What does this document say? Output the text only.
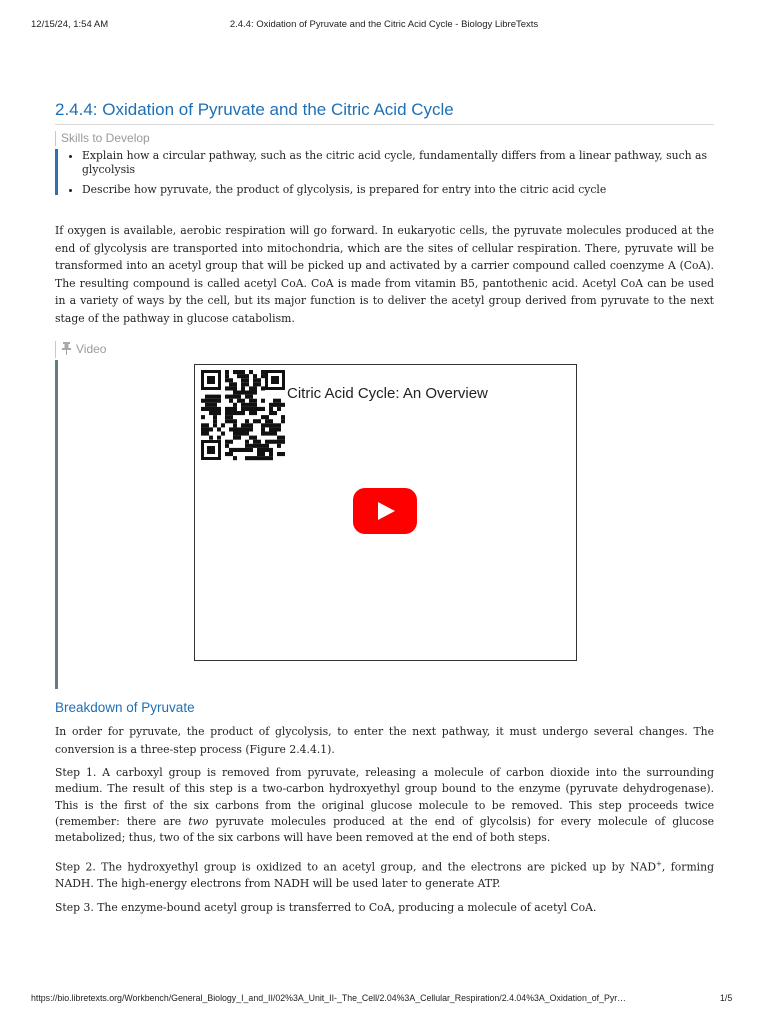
12/15/24, 1:54 AM	2.4.4: Oxidation of Pyruvate and the Citric Acid Cycle - Biology LibreTexts
2.4.4: Oxidation of Pyruvate and the Citric Acid Cycle
Skills to Develop
• Explain how a circular pathway, such as the citric acid cycle, fundamentally differs from a linear pathway, such as glycolysis
• Describe how pyruvate, the product of glycolysis, is prepared for entry into the citric acid cycle

If oxygen is available, aerobic respiration will go forward. In eukaryotic cells, the pyruvate molecules produced at the end of glycolysis are transported into mitochondria, which are the sites of cellular respiration. There, pyruvate will be transformed into an acetyl group that will be picked up and activated by a carrier compound called coenzyme A (CoA). The resulting compound is called acetyl CoA. CoA is made from vitamin B5, pantothenic acid. Acetyl CoA can be used in a variety of ways by the cell, but its major function is to deliver the acetyl group derived from pyruvate to the next stage of the pathway in glucose catabolism.

Video
Citric Acid Cycle: An Overview
Breakdown of Pyruvate

In order for pyruvate, the product of glycolysis, to enter the next pathway, it must undergo several changes. The conversion is a three-step process (Figure 2.4.4.1).

Step 1. A carboxyl group is removed from pyruvate, releasing a molecule of carbon dioxide into the surrounding medium. The result of this step is a two-carbon hydroxyethyl group bound to the enzyme (pyruvate dehydrogenase). This is the first of the six carbons from the original glucose molecule to be removed. This step proceeds twice (remember: there are two pyruvate molecules produced at the end of glycolsis) for every molecule of glucose metabolized; thus, two of the six carbons will have been removed at the end of both steps.

Step 2. The hydroxyethyl group is oxidized to an acetyl group, and the electrons are picked up by NAD+, forming NADH. The high-energy electrons from NADH will be used later to generate ATP.

Step 3. The enzyme-bound acetyl group is transferred to CoA, producing a molecule of acetyl CoA.

https://bio.libretexts.org/Workbench/General_Biology_I_and_II/02%3A_Unit_II-_The_Cell/2.04%3A_Cellular_Respiration/2.4.04%3A_Oxidation_of_Pyr…	1/5
